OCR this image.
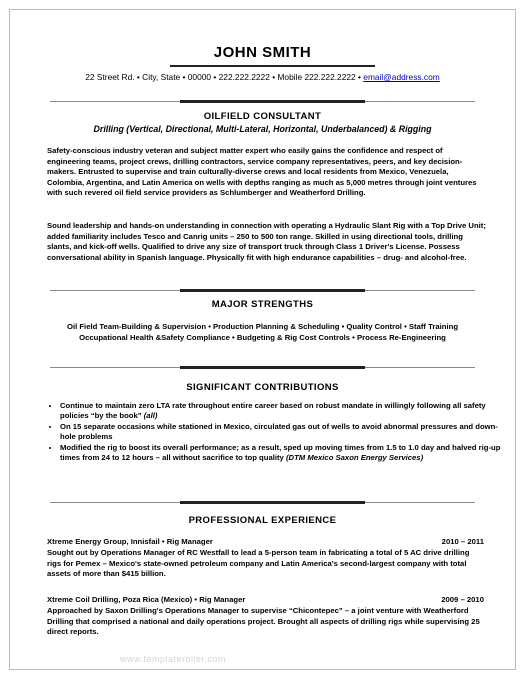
JOHN SMITH
22 Street Rd. • City, State • 00000 • 222.222.2222 • Mobile 222.222.2222 • email@address.com
OILFIELD CONSULTANT
Drilling (Vertical, Directional, Multi-Lateral, Horizontal, Underbalanced) & Rigging

Safety-conscious industry veteran and subject matter expert who easily gains the confidence and respect of engineering teams, project crews, drilling contractors, service company representatives, peers, and key decision-makers. Entrusted to supervise and train culturally-diverse crews and local residents from Mexico, Venezuela, Colombia, Argentina, and Latin America on wells with depths ranging as much as 5,000 metres through joint ventures with such revered oil field service providers as Schlumberger and Weatherford Drilling.

Sound leadership and hands-on understanding in connection with operating a Hydraulic Slant Rig with a Top Drive Unit; added familiarity includes Tesco and Canrig units – 250 to 500 ton range. Skilled in using directional tools, drilling slants, and kick-off wells. Qualified to drive any size of transport truck through Class 1 Driver's License. Possess conversational ability in Spanish language. Physically fit with high endurance capabilities – drug- and alcohol-free.

MAJOR STRENGTHS
Oil Field Team-Building & Supervision • Production Planning & Scheduling • Quality Control • Staff Training
Occupational Health &Safety Compliance • Budgeting & Rig Cost Controls • Process Re-Engineering
SIGNIFICANT CONTRIBUTIONS
• Continue to maintain zero LTA rate throughout entire career based on robust mandate in willingly following all safety policies “by the book” (all)
• On 15 separate occasions while stationed in Mexico, circulated gas out of wells to avoid abnormal pressures and down-hole problems
• Modified the rig to boost its overall performance; as a result, sped up moving times from 1.5 to 1.0 day and halved rig-up times from 24 to 12 hours – all without sacrifice to top quality (DTM Mexico Saxon Energy Services)
PROFESSIONAL EXPERIENCE
Xtreme Energy Group, Innisfail • Rig Manager	2010 – 2011

Sought out by Operations Manager of RC Westfall to lead a 5-person team in fabricating a total of 5 AC drive drilling rigs for Pemex – Mexico's state-owned petroleum company and Latin America's second-largest company with total assets of more than $415 billion.

Xtreme Coil Drilling, Poza Rica (Mexico) • Rig Manager	2009 – 2010

Approached by Saxon Drilling's Operations Manager to supervise “Chicontepec” – a joint venture with Weatherford Drilling that comprised a national and daily operations project. Brought all aspects of drilling rigs while supervising 25 direct reports.

www.templateroller.com
